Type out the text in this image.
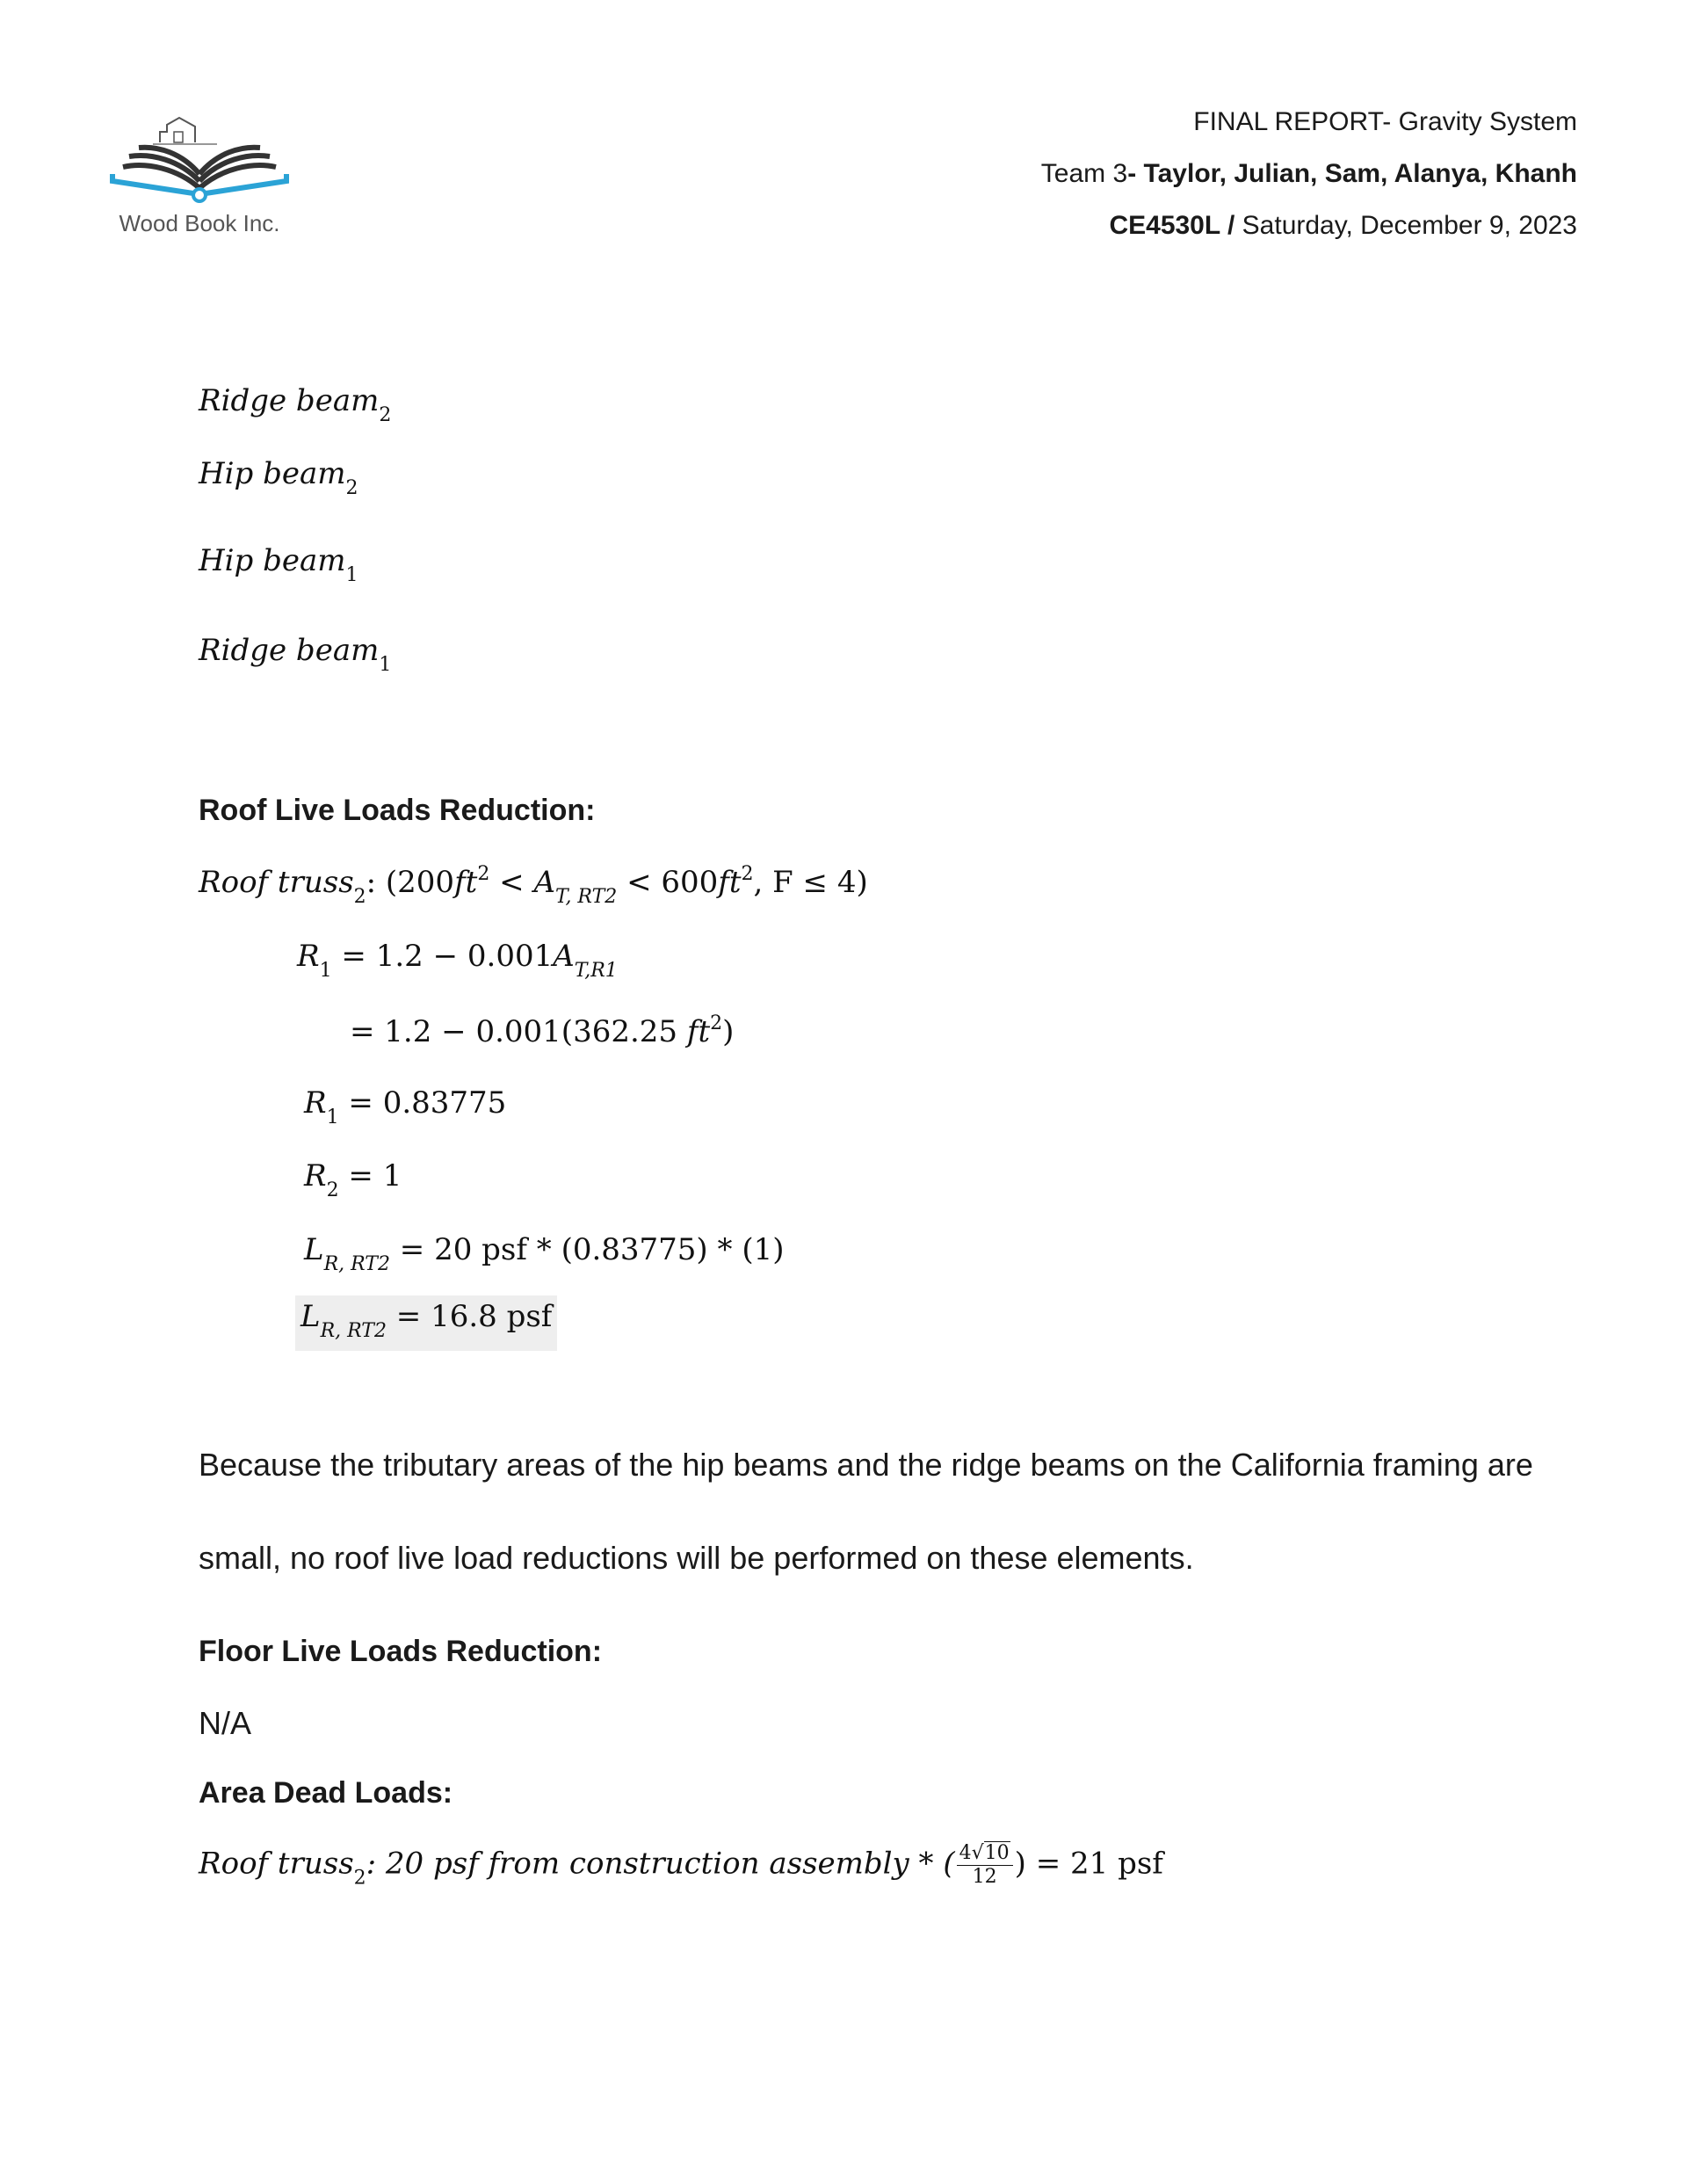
Wood Book Inc.
FINAL REPORT- Gravity System
Team 3- Taylor, Julian, Sam, Alanya, Khanh
CE4530L / Saturday, December 9, 2023
Ridge beam$_2$
Hip beam$_2$
Hip beam$_1$
Ridge beam$_1$
Roof Live Loads Reduction:
Roof truss$_2$: ($200ft^2 < A_{T, RT2} < 600ft^2$, F ≤ 4)
$R_1 = 1.2 - 0.001A_{T,R1}$
= 1.2 − 0.001(362.25 $ft^2$)
$R_1 = 0.83775$
$R_2 = 1$
$L_{R, RT2} = 20$ psf * (0.83775) * (1)
$L_{R, RT2} = 16.8$ psf
Because the tributary areas of the hip beams and the ridge beams on the California framing are
small, no roof live load reductions will be performed on these elements.
Floor Live Loads Reduction:
N/A
Area Dead Loads:
Roof truss$_2$: 20 psf from construction assembly * ( $\frac{4√10}{12}$ ) = 21 psf
